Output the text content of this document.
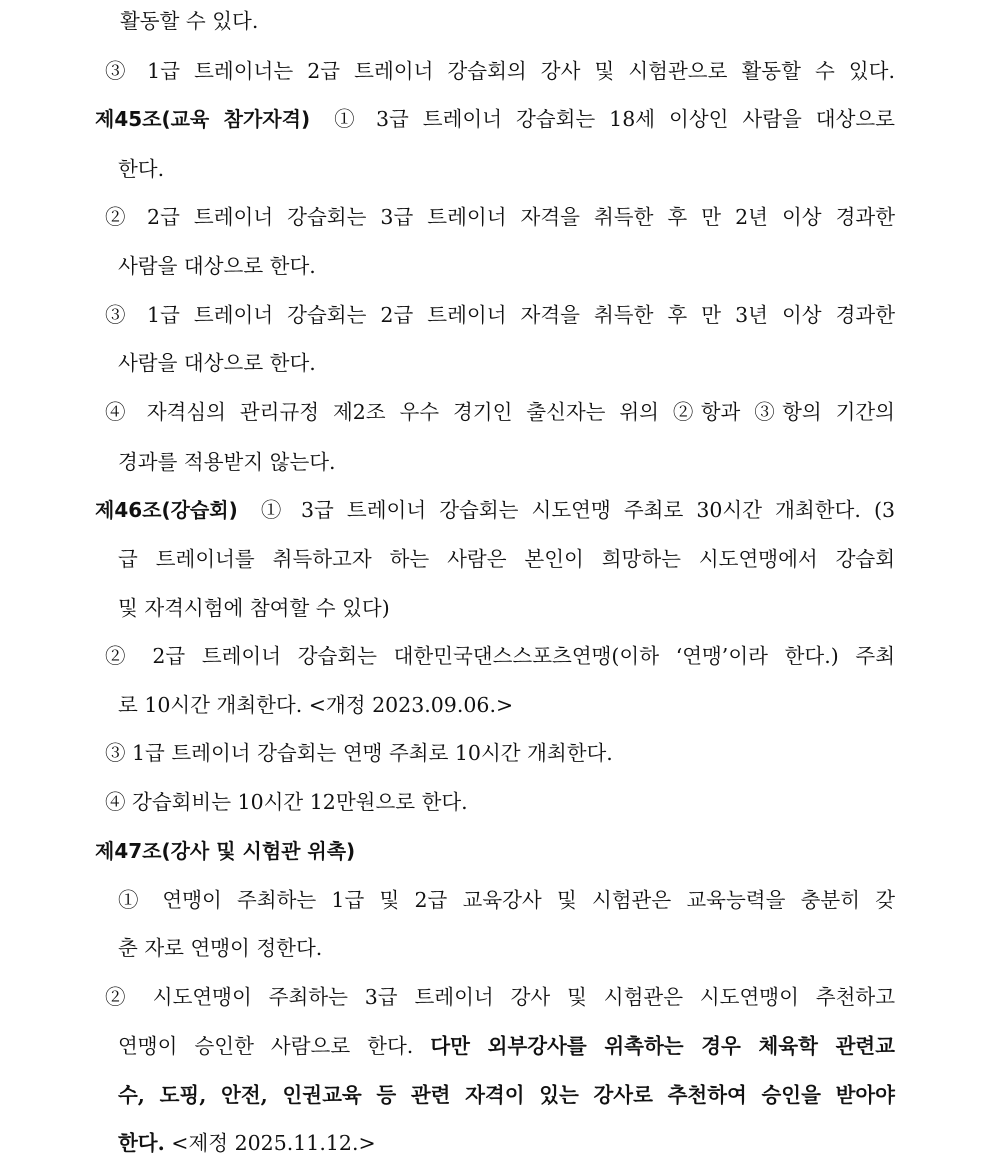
활동할 수 있다.
③ 1급 트레이너는 2급 트레이너 강습회의 강사 및 시험관으로 활동할 수 있다.
제45조(교육 참가자격) ① 3급 트레이너 강습회는 18세 이상인 사람을 대상으로
한다.
② 2급 트레이너 강습회는 3급 트레이너 자격을 취득한 후 만 2년 이상 경과한
사람을 대상으로 한다.
③ 1급 트레이너 강습회는 2급 트레이너 자격을 취득한 후 만 3년 이상 경과한
사람을 대상으로 한다.
④ 자격심의 관리규정 제2조 우수 경기인 출신자는 위의 ②항과 ③항의 기간의
경과를 적용받지 않는다.
제46조(강습회) ① 3급 트레이너 강습회는 시도연맹 주최로 30시간 개최한다. (3
급 트레이너를 취득하고자 하는 사람은 본인이 희망하는 시도연맹에서 강습회
및 자격시험에 참여할 수 있다)
② 2급 트레이너 강습회는 대한민국댄스스포츠연맹(이하 ‘연맹’이라 한다.) 주최
로 10시간 개최한다. <개정 2023.09.06.>
③ 1급 트레이너 강습회는 연맹 주최로 10시간 개최한다.
④ 강습회비는 10시간 12만원으로 한다.
제47조(강사 및 시험관 위촉)
① 연맹이 주최하는 1급 및 2급 교육강사 및 시험관은 교육능력을 충분히 갖
춘 자로 연맹이 정한다.
② 시도연맹이 주최하는 3급 트레이너 강사 및 시험관은 시도연맹이 추천하고
연맹이 승인한 사람으로 한다. 다만 외부강사를 위촉하는 경우 체육학 관련교
수, 도핑, 안전, 인권교육 등 관련 자격이 있는 강사로 추천하여 승인을 받아야
한다. <제정 2025.11.12.>
